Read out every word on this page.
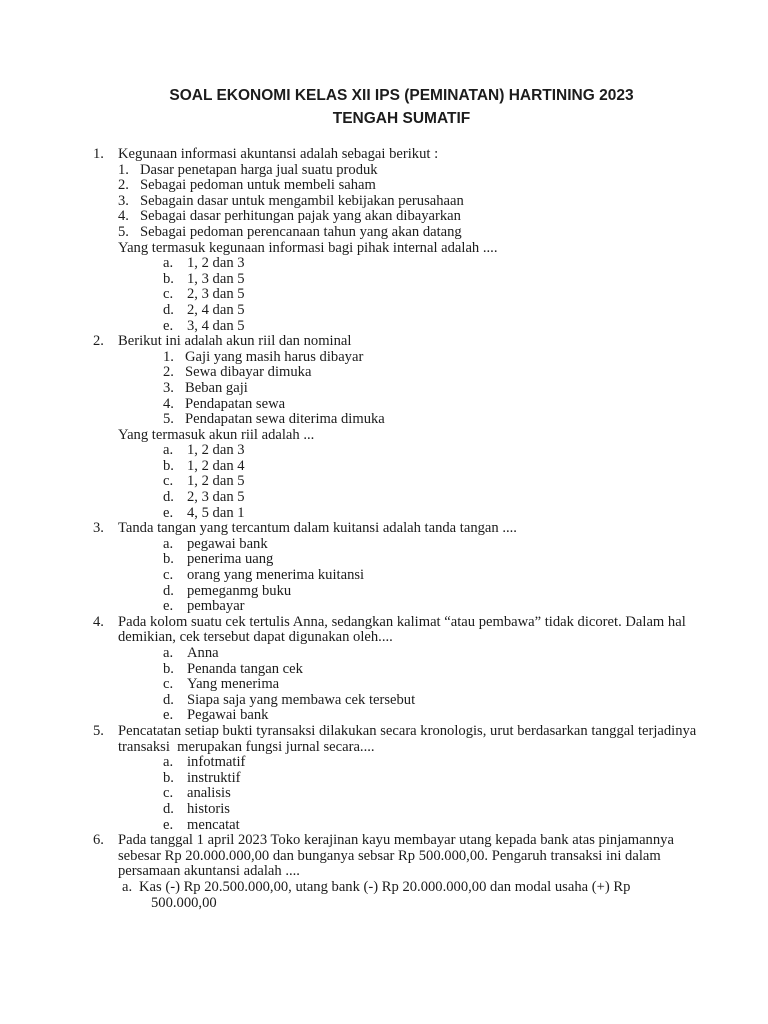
SOAL EKONOMI KELAS XII IPS (PEMINATAN) HARTINING 2023
TENGAH SUMATIF
1. Kegunaan informasi akuntansi adalah sebagai berikut :
1. Dasar penetapan harga jual suatu produk
2. Sebagai pedoman untuk membeli saham
3. Sebagain dasar untuk mengambil kebijakan perusahaan
4. Sebagai dasar perhitungan pajak yang akan dibayarkan
5. Sebagai pedoman perencanaan tahun yang akan datang
Yang termasuk kegunaan informasi bagi pihak internal adalah ....
a. 1, 2 dan 3
b. 1, 3 dan 5
c. 2, 3 dan 5
d. 2, 4 dan 5
e. 3, 4 dan 5
2. Berikut ini adalah akun riil dan nominal
1. Gaji yang masih harus dibayar
2. Sewa dibayar dimuka
3. Beban gaji
4. Pendapatan sewa
5. Pendapatan sewa diterima dimuka
Yang termasuk akun riil adalah ...
a. 1, 2 dan 3
b. 1, 2 dan 4
c. 1, 2 dan 5
d. 2, 3 dan 5
e. 4, 5 dan 1
3. Tanda tangan yang tercantum dalam kuitansi adalah tanda tangan ....
a. pegawai bank
b. penerima uang
c. orang yang menerima kuitansi
d. pemeganmg buku
e. pembayar
4. Pada kolom suatu cek tertulis Anna, sedangkan kalimat “atau pembawa” tidak dicoret. Dalam hal
demikian, cek tersebut dapat digunakan oleh....
a. Anna
b. Penanda tangan cek
c. Yang menerima
d. Siapa saja yang membawa cek tersebut
e. Pegawai bank
5. Pencatatan setiap bukti tyransaksi dilakukan secara kronologis, urut berdasarkan tanggal terjadinya
transaksi  merupakan fungsi jurnal secara....
a. infotmatif
b. instruktif
c. analisis
d. historis
e. mencatat
6. Pada tanggal 1 april 2023 Toko kerajinan kayu membayar utang kepada bank atas pinjamannya
sebesar Rp 20.000.000,00 dan bunganya sebsar Rp 500.000,00. Pengaruh transaksi ini dalam
persamaan akuntansi adalah ....
a. Kas (-) Rp 20.500.000,00, utang bank (-) Rp 20.000.000,00 dan modal usaha (+) Rp
500.000,00
